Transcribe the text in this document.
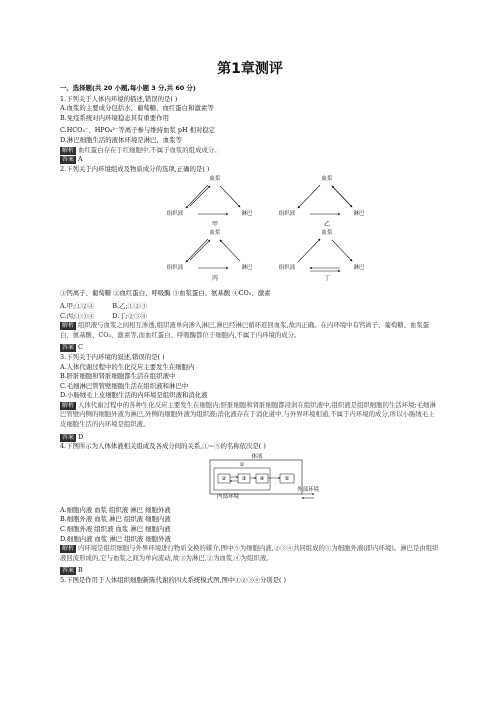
第1章测评
一、选择题(共 20 小题,每小题 3 分,共 60 分)
1.下列关于人体内环境的描述,错误的是( )
A.血浆的主要成分包括水、葡萄糖、血红蛋白和激素等
B.免疫系统对内环境稳态具有重要作用
C.HCO₃⁻、HPO₄²⁻等离子参与维持血浆 pH 相对稳定
D.淋巴细胞生活的液体环境是淋巴、血浆等
解析 血红蛋白存在于红细胞中,不属于血浆的组成成分。
答案 A
2.下列关于内环境组成及物质成分的选项,正确的是( )
血浆
组织液	淋巴
甲
血浆
组织液	淋巴
乙
血浆
组织液	淋巴
丙
血浆
组织液	淋巴
丁
①钙离子、葡萄糖 ②血红蛋白、呼吸酶 ③血浆蛋白、氨基酸 ④CO₂、激素
A.甲;①②④	B.乙;①②③
C.丙;①③④	D.丁;②③④
解析 组织液与血浆之间相互渗透,组织液单向渗入淋巴,淋巴经淋巴循环返回血浆,故丙正确。在内环境中有钙离子、葡萄糖、血浆蛋白、氨基酸、CO₂、激素等,而血红蛋白、呼吸酶都位于细胞内,不属于内环境的成分。
答案 C
3.下列关于内环境的叙述,错误的是( )
A.人体代谢过程中的生化反应主要发生在细胞内
B.肝脏细胞和肾脏细胞都生活在组织液中
C.毛细淋巴管管壁细胞生活在组织液和淋巴中
D.小肠绒毛上皮细胞生活的内环境是组织液和消化液
解析 人体代谢过程中的各种生化反应主要发生在细胞内;肝脏细胞和肾脏细胞都浸润在组织液中,组织液是组织细胞的生活环境;毛细淋巴管壁内侧的细胞外液为淋巴,外侧的细胞外液为组织液;消化液存在于消化道中,与外界环境相通,不属于内环境的成分,所以小肠绒毛上皮细胞生活的内环境是组织液。
答案 D
4.下图所示为人体体液相关组成及各成分间的关系,①~⑤的名称依次是( )
体液
①
②	③	④	⑤
内部环境
外部环境
A.细胞内液 血浆 组织液 淋巴 细胞外液
B.细胞外液 血浆 淋巴 组织液 细胞内液
C.细胞外液 组织液 血浆 淋巴 细胞内液
D.细胞内液 血浆 淋巴 组织液 细胞外液
解析 内环境是组织细胞与外界环境进行物质交换的媒介,图中⑤为细胞内液,②③④共同组成的①为细胞外液(即内环境)。淋巴是由组织液回流形成的,它与血浆之间为单向流动,故③为淋巴,②为血浆,④为组织液。
答案 B
5.下图是作用于人体组织细胞新陈代谢的四大系统模式图,图中①②③④分别是( )
